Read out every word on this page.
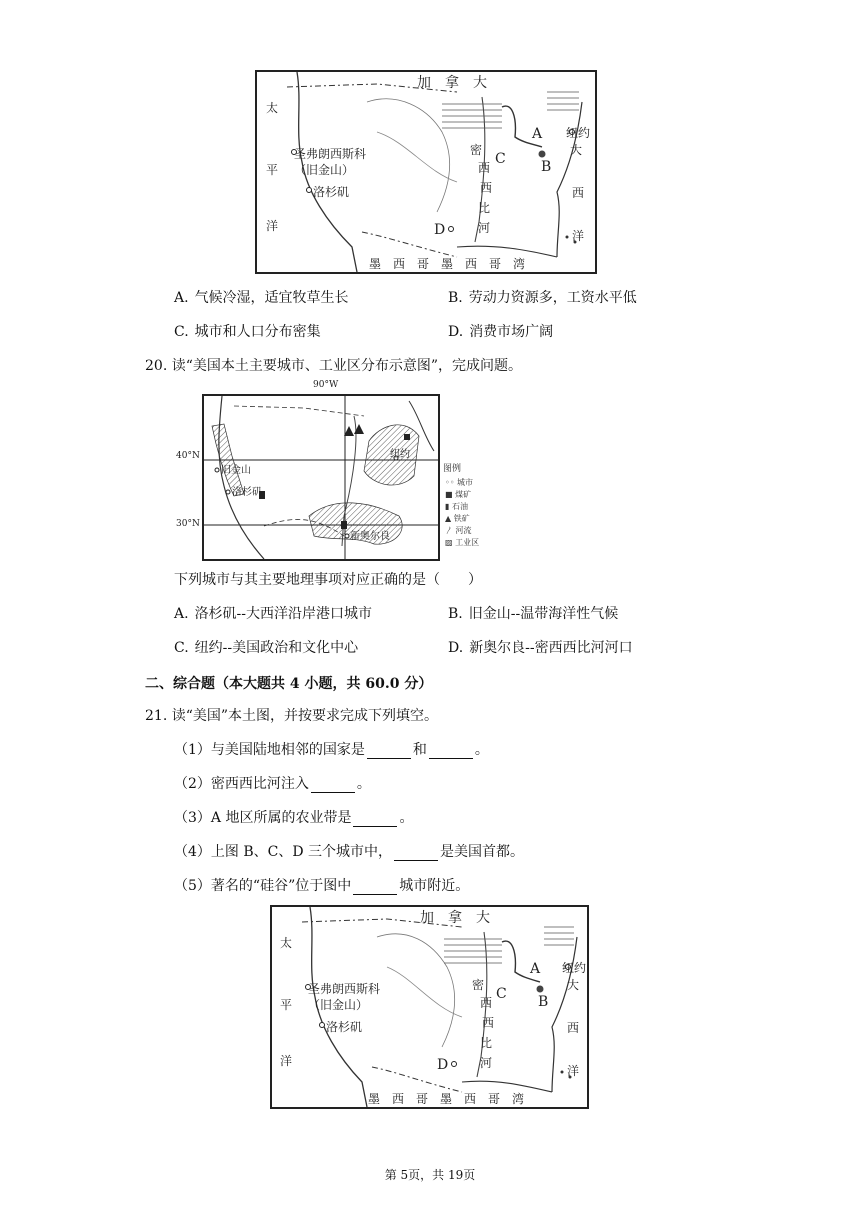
加　拿　大
太
平
洋
大
西
洋
圣弗朗西斯科
（旧金山）
洛杉矶
密
西
西
比
河
墨　西　哥　墨　西　哥　湾
纽约
A
B
C
D
A. 气候冷湿，适宜牧草生长	B. 劳动力资源多，工资水平低
C. 城市和人口分布密集	D. 消费市场广阔
20. 读“美国本土主要城市、工业区分布示意图”，完成问题。
90°W
40°N
30°N
旧金山
洛杉矶
纽约
新奥尔良
图例
◦◦ 城市
■ 煤矿
▮ 石油
▲ 铁矿
〳 河流
▨ 工业区
下列城市与其主要地理事项对应正确的是（　　）
A. 洛杉矶--大西洋沿岸港口城市	B. 旧金山--温带海洋性气候
C. 纽约--美国政治和文化中心	D. 新奥尔良--密西西比河河口
二、综合题（本大题共 4 小题，共 60.0 分）
21. 读“美国”本土图，并按要求完成下列填空。
（1）与美国陆地相邻的国家是	和	。
（2）密西西比河注入	。
（3）A 地区所属的农业带是	。
（4）上图 B、C、D 三个城市中，	是美国首都。
（5）著名的“硅谷”位于图中	城市附近。
加　拿　大
太
平
洋
大
西
洋
圣弗朗西斯科
（旧金山）
洛杉矶
密
西
西
比
河
墨　西　哥　墨　西　哥　湾
纽约
A
B
C
D
第 5页，共 19页
